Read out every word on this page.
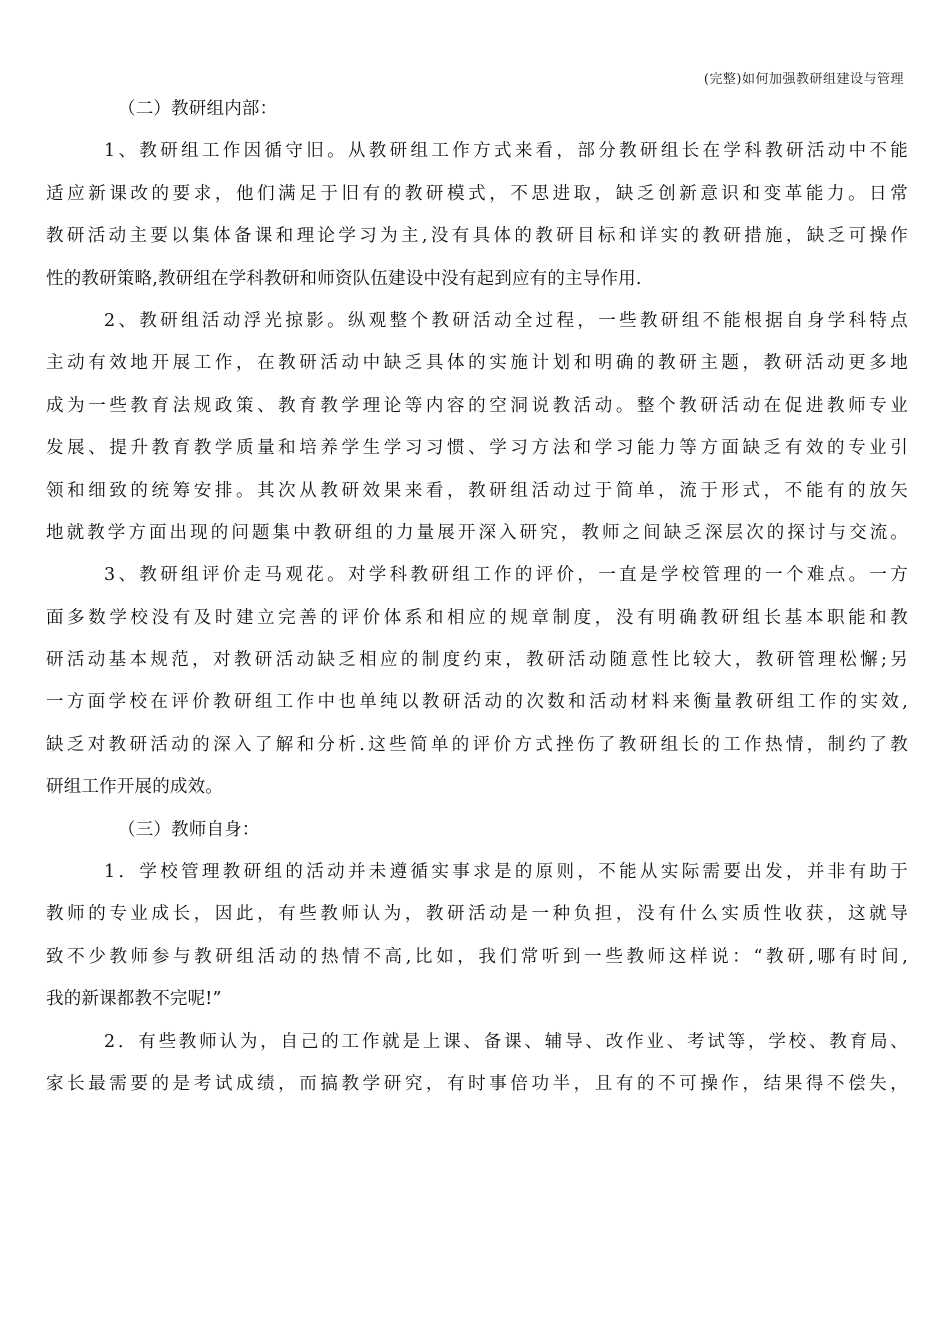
(完整)如何加强教研组建设与管理
（二）教研组内部：
1、教研组工作因循守旧。从教研组工作方式来看，部分教研组长在学科教研活动中不能
适应新课改的要求，他们满足于旧有的教研模式，不思进取，缺乏创新意识和变革能力。日常
教研活动主要以集体备课和理论学习为主,没有具体的教研目标和详实的教研措施，缺乏可操作
性的教研策略,教研组在学科教研和师资队伍建设中没有起到应有的主导作用.
2、教研组活动浮光掠影。纵观整个教研活动全过程，一些教研组不能根据自身学科特点
主动有效地开展工作，在教研活动中缺乏具体的实施计划和明确的教研主题，教研活动更多地
成为一些教育法规政策、教育教学理论等内容的空洞说教活动。整个教研活动在促进教师专业
发展、提升教育教学质量和培养学生学习习惯、学习方法和学习能力等方面缺乏有效的专业引
领和细致的统筹安排。其次从教研效果来看，教研组活动过于简单，流于形式，不能有的放矢
地就教学方面出现的问题集中教研组的力量展开深入研究，教师之间缺乏深层次的探讨与交流。
3、教研组评价走马观花。对学科教研组工作的评价，一直是学校管理的一个难点。一方
面多数学校没有及时建立完善的评价体系和相应的规章制度，没有明确教研组长基本职能和教
研活动基本规范，对教研活动缺乏相应的制度约束，教研活动随意性比较大，教研管理松懈;另
一方面学校在评价教研组工作中也单纯以教研活动的次数和活动材料来衡量教研组工作的实效,
缺乏对教研活动的深入了解和分析.这些简单的评价方式挫伤了教研组长的工作热情，制约了教
研组工作开展的成效。
（三）教师自身：
1．学校管理教研组的活动并未遵循实事求是的原则，不能从实际需要出发，并非有助于
教师的专业成长，因此，有些教师认为，教研活动是一种负担，没有什么实质性收获，这就导
致不少教师参与教研组活动的热情不高,比如，我们常听到一些教师这样说：“教研,哪有时间,
我的新课都教不完呢!”
2．有些教师认为，自己的工作就是上课、备课、辅导、改作业、考试等，学校、教育局、
家长最需要的是考试成绩，而搞教学研究，有时事倍功半，且有的不可操作，结果得不偿失，
